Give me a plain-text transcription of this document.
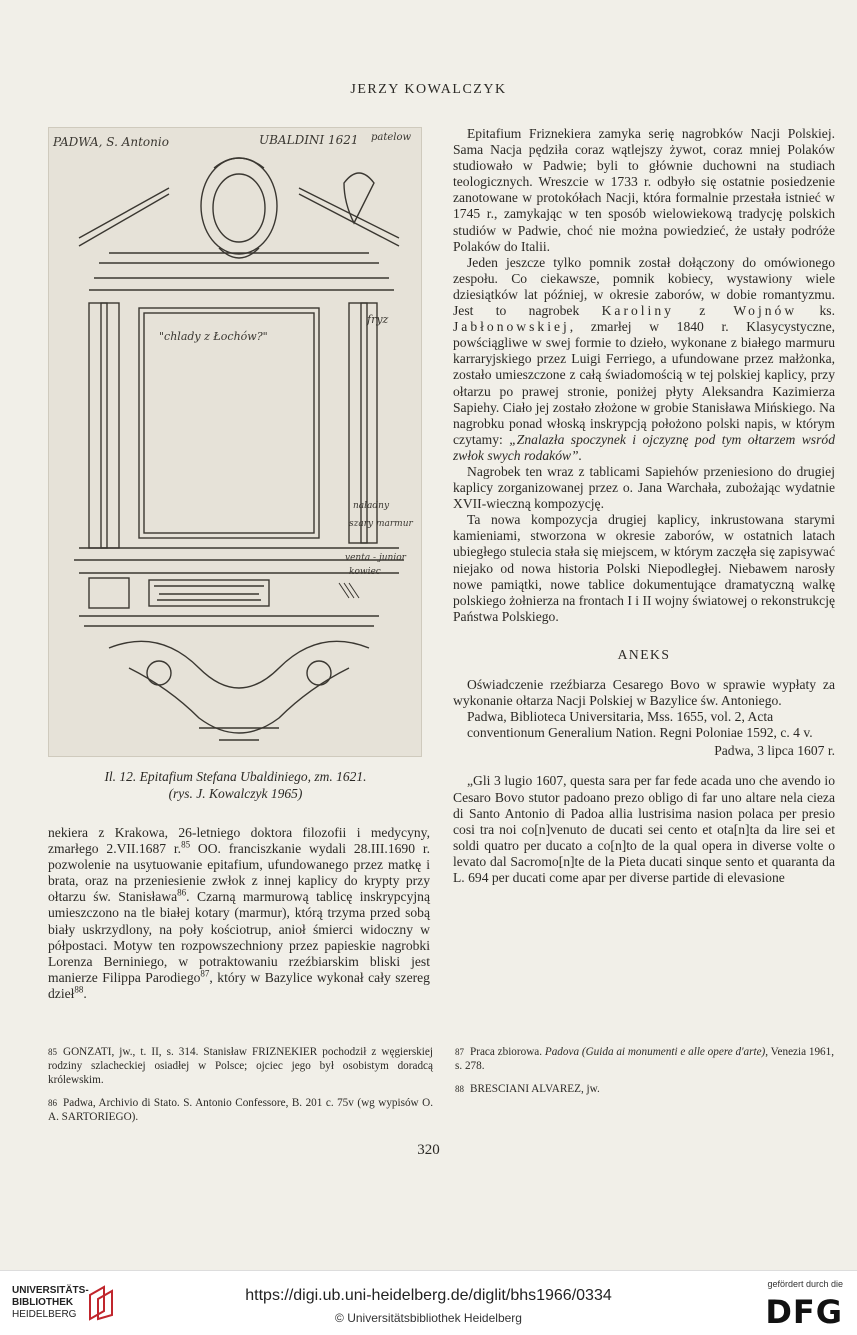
JERZY KOWALCZYK
PADWA, S. Antonio	UBALDINI 1621 patelow
"chlady z Łochów?"
fryz
naladny
szary marmur
venta - junior
kowiec

Il. 12. Epitafium Stefana Ubaldiniego, zm. 1621.

(rys. J. Kowalczyk 1965)

nekiera z Krakowa, 26-letniego doktora filozofii i medycyny, zmarłego 2.VII.1687 r.$^{85}$ OO. franciszkanie wydali 28.III.1690 r. pozwolenie na usytuowanie epitafium, ufundowanego przez matkę i brata, oraz na przeniesienie zwłok z innej kaplicy do krypty przy ołtarzu św. Stanisława$^{86}$. Czarną marmurową tablicę inskrypcyjną umieszczono na tle białej kotary (marmur), którą trzyma przed sobą biały uskrzydlony, na poły kościotrup, anioł śmierci widoczny w półpostaci. Motyw ten rozpowszechniony przez papieskie nagrobki Lorenza Berniniego, w potraktowaniu rzeźbiarskim bliski jest manierze Filippa Parodiego$^{87}$, który w Bazylice wykonał cały szereg dzieł$^{88}$.

Epitafium Friznekiera zamyka serię nagrobków Nacji Polskiej. Sama Nacja pędziła coraz wątlejszy żywot, coraz mniej Polaków studiowało w Padwie; byli to głównie duchowni na studiach teologicznych. Wreszcie w 1733 r. odbyło się ostatnie posiedzenie zanotowane w protokółach Nacji, która formalnie przestała istnieć w 1745 r., zamykając w ten sposób wielowiekową tradycję polskich studiów w Padwie, choć nie można powiedzieć, że ustały podróże Polaków do Italii.

Jeden jeszcze tylko pomnik został dołączony do omówionego zespołu. Co ciekawsze, pomnik kobiecy, wystawiony wiele dziesiątków lat później, w okresie zaborów, w dobie romantyzmu. Jest to nagrobek Karoliny z Wojnów ks. Jabłonowskiej, zmarłej w 1840 r. Klasycystyczne, powściągliwe w swej formie to dzieło, wykonane z białego marmuru karraryjskiego przez Luigi Ferriego, a ufundowane przez małżonka, zostało umieszczone z całą świadomością w tej polskiej kaplicy, przy ołtarzu po prawej stronie, poniżej płyty Aleksandra Kazimierza Sapiehy. Ciało jej zostało złożone w grobie Stanisława Mińskiego. Na nagrobku ponad włoską inskrypcją położono polski napis, w którym czytamy: „Znalazła spoczynek i ojczyznę pod tym ołtarzem wsród zwłok swych rodaków”.

Nagrobek ten wraz z tablicami Sapiehów przeniesiono do drugiej kaplicy zorganizowanej przez o. Jana Warchała, zubożając wydatnie XVII-wieczną kompozycję.

Ta nowa kompozycja drugiej kaplicy, inkrustowana starymi kamieniami, stworzona w okresie zaborów, w ostatnich latach ubiegłego stulecia stała się miejscem, w którym zaczęła się zapisywać niejako od nowa historia Polski Niepodległej. Niebawem narosły nowe pamiątki, nowe tablice dokumentujące dramatyczną walkę polskiego żołnierza na frontach I i II wojny światowej o rekonstrukcję Państwa Polskiego.

ANEKS

Oświadczenie rzeźbiarza Cesarego Bovo w sprawie wypłaty za wykonanie ołtarza Nacji Polskiej w Bazylice św. Antoniego.

Padwa, Biblioteca Universitaria, Mss. 1655, vol. 2, Acta conventionum Generalium Nation. Regni Poloniae 1592, c. 4 v.

Padwa, 3 lipca 1607 r.

„Gli 3 lugio 1607, questa sara per far fede acada uno che avendo io Cesaro Bovo stutor padoano prezo obligo di far uno altare nela cieza di Santo Antonio di Padoa allia lustrisima nasion polaca per presio cosi tra noi co[n]venuto de ducati sei cento et ota[n]ta da lire sei et soldi quatro per ducato a co[n]to de la qual opera in diverse volte o levato dal Sacromo[n]te de la Pieta ducati sinque sento et quaranta da L. 694 per ducati come apar per diverse partide di elevasione

85 GONZATI, jw., t. II, s. 314. Stanisław FRIZNEKIER pochodził z węgierskiej rodziny szlacheckiej osiadłej w Polsce; ojciec jego był osobistym doradcą królewskim.

86 Padwa, Archivio di Stato. S. Antonio Confessore, B. 201 c. 75v (wg wypisów O. A. SARTORIEGO).

87 Praca zbiorowa. Padova (Guida ai monumenti e alle opere d'arte), Venezia 1961, s. 278.

88 BRESCIANI ALVAREZ, jw.

320
UNIVERSITÄTS-
BIBLIOTHEK
HEIDELBERG
https://digi.ub.uni-heidelberg.de/diglit/bhs1966/0334
© Universitätsbibliothek Heidelberg
gefördert durch die
DFG
